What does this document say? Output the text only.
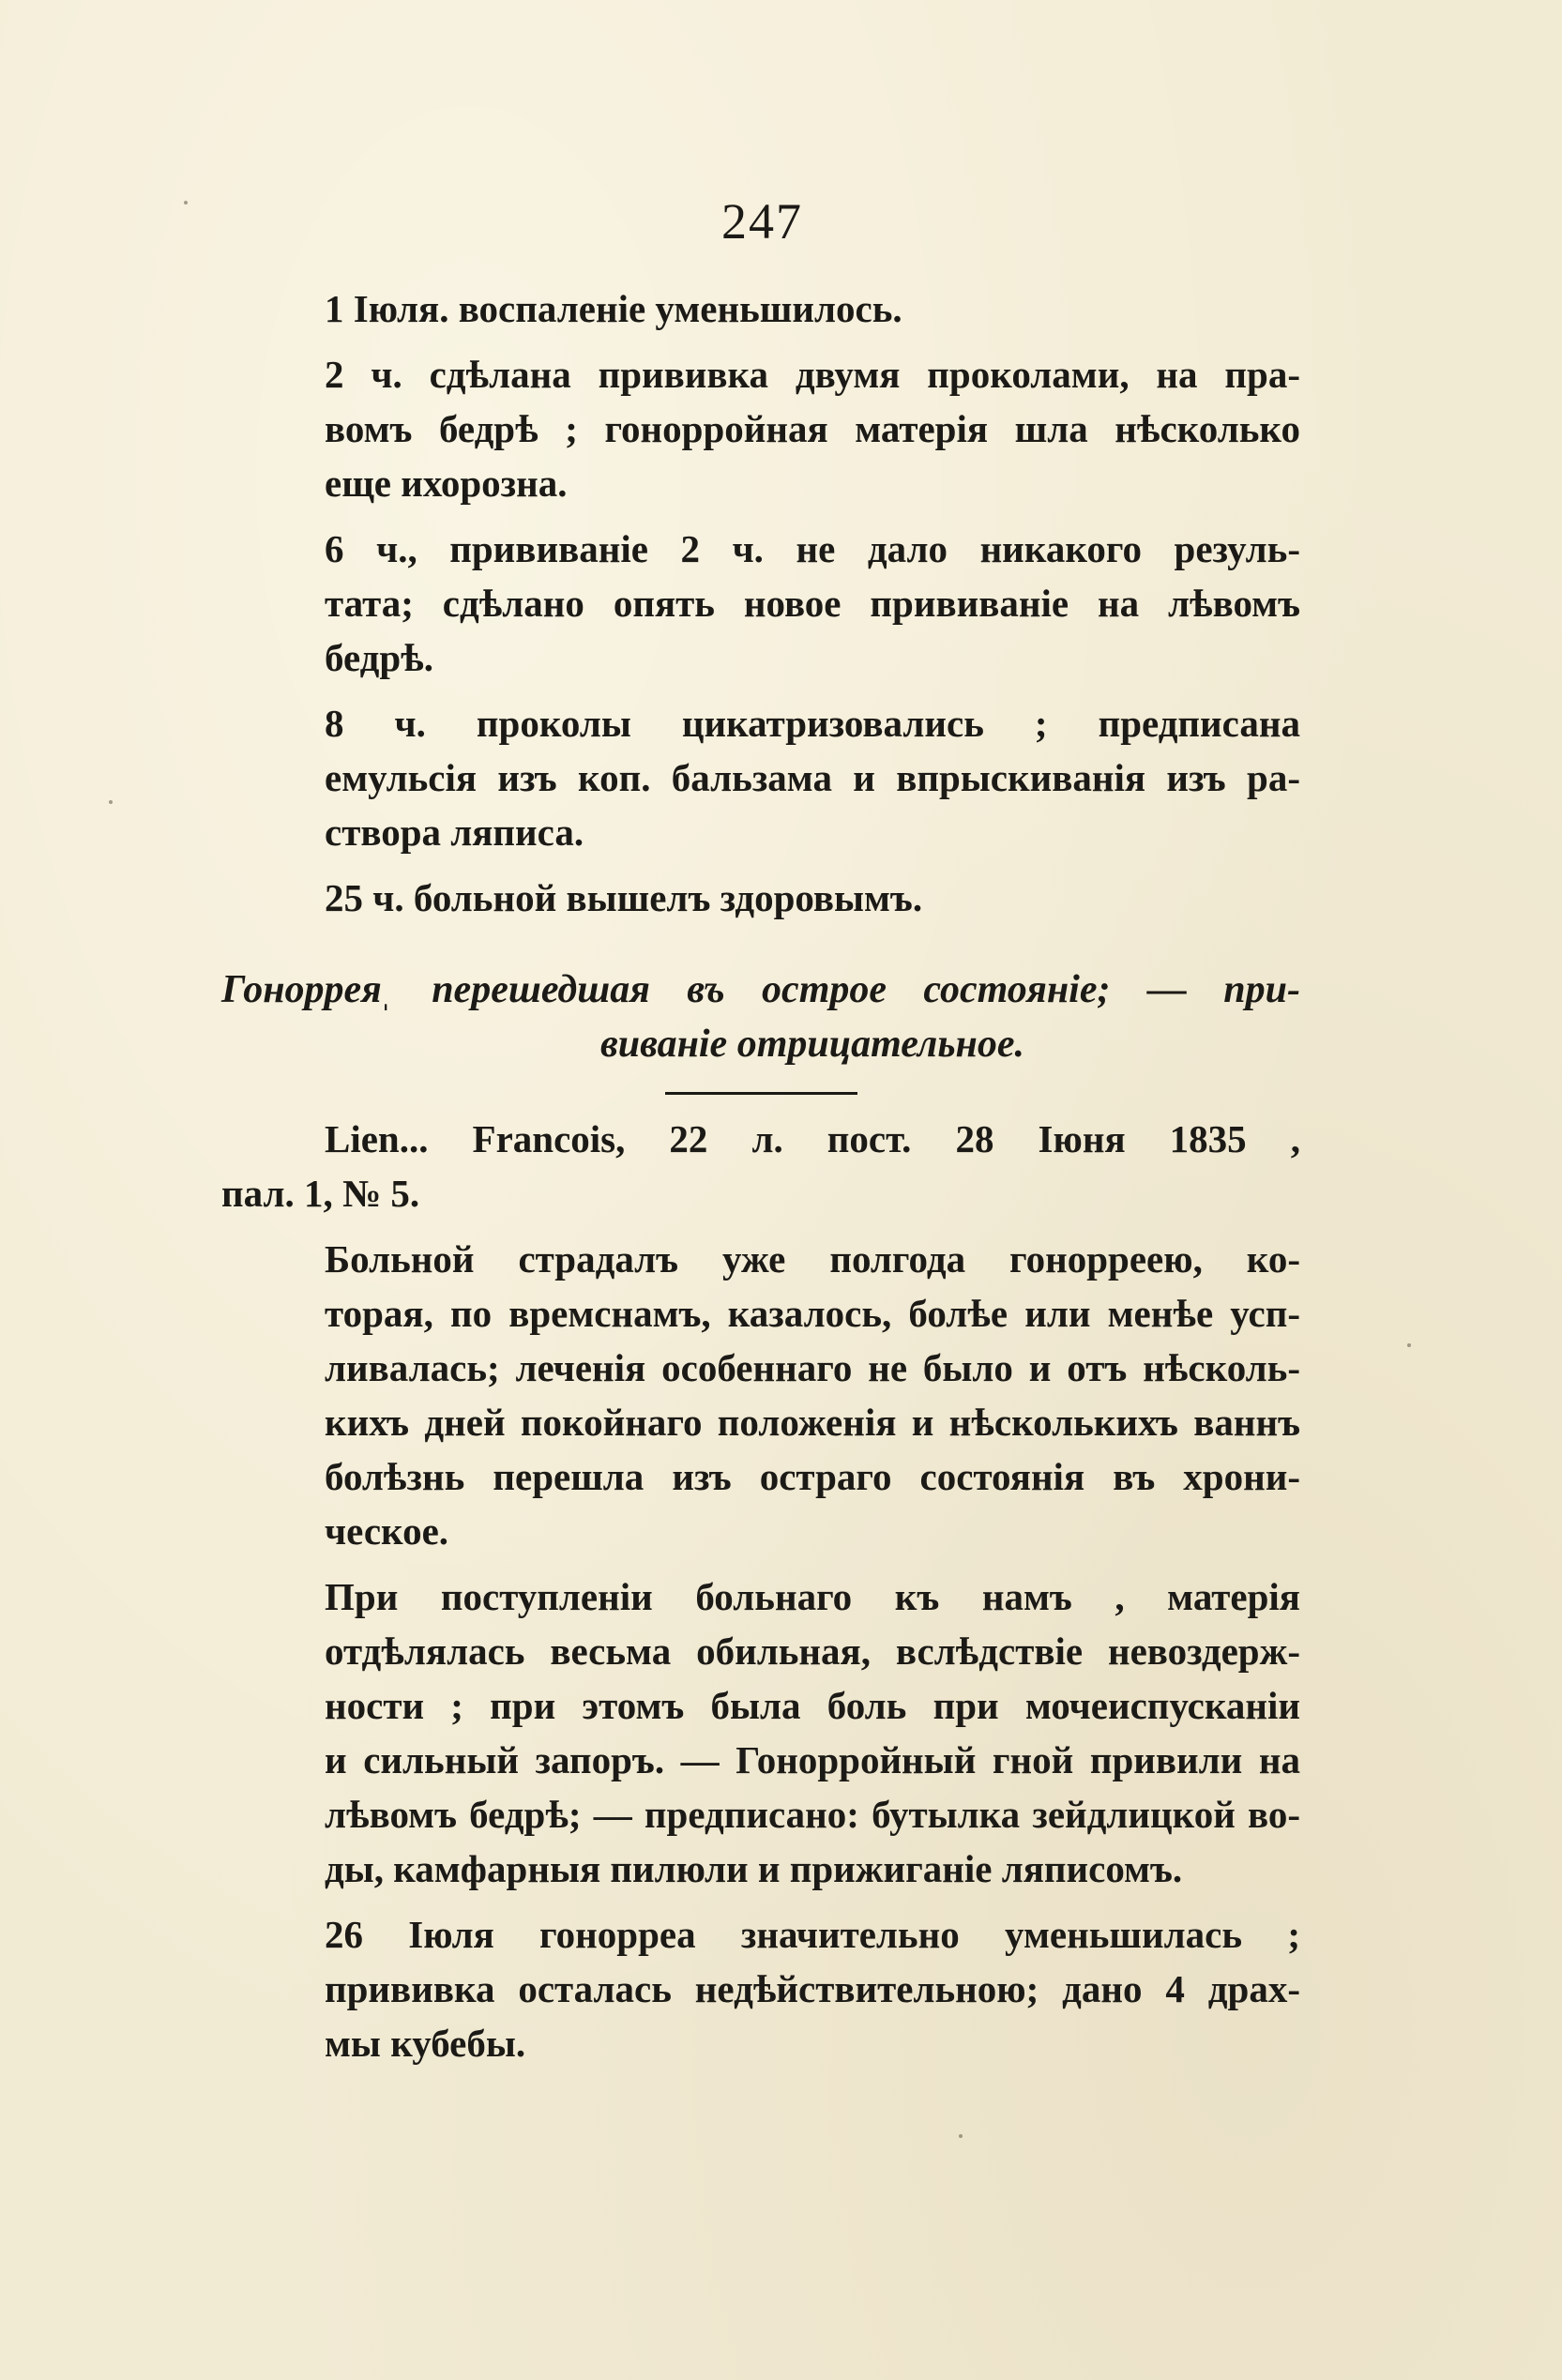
247
1 Iюля. воспаленіе уменьшилось.
2 ч. сдѣлана прививка двумя проколами, на пра-
вомъ бедрѣ ; гонорройная матерія шла нѣсколько
еще ихорозна.
6 ч., прививаніе 2 ч. не дало никакого резуль-
тата; сдѣлано опять новое прививаніе на лѣвомъ
бедрѣ.
8 ч. проколы цикатризовались ; предписана
емульсія изъ коп. бальзама и впрыскиванія изъ ра-
створа ляписа.
25 ч. больной вышелъ здоровымъ.
Гонорреяˌ перешедшая въ острое состояніе; — при-
виваніе отрицательное.
Lien... Francois, 22 л. пост. 28 Іюня 1835 ,
пал. 1, № 5.
Больной страдалъ уже полгода гонорреею, ко-
торая, по времснамъ, казалось, болѣе или менѣе усп-
ливалась; леченія особеннаго не было и отъ нѣсколь-
кихъ дней покойнаго положенія и нѣсколькихъ ваннъ
болѣзнь перешла изъ остраго состоянія въ хрони-
ческое.
При поступленіи больнаго къ намъ , матерія
отдѣлялась весьма обильная, вслѣдствіе невоздерж-
ности ; при этомъ была боль при мочеиспусканіи
и сильный запоръ. — Гонорройный гной привили на
лѣвомъ бедрѣ; — предписано: бутылка зейдлицкой во-
ды, камфарныя пилюли и прижиганіе ляписомъ.
26 Іюля гонорреа значительно уменьшилась ;
прививка осталась недѣйствительною; дано 4 драх-
мы кубебы.
